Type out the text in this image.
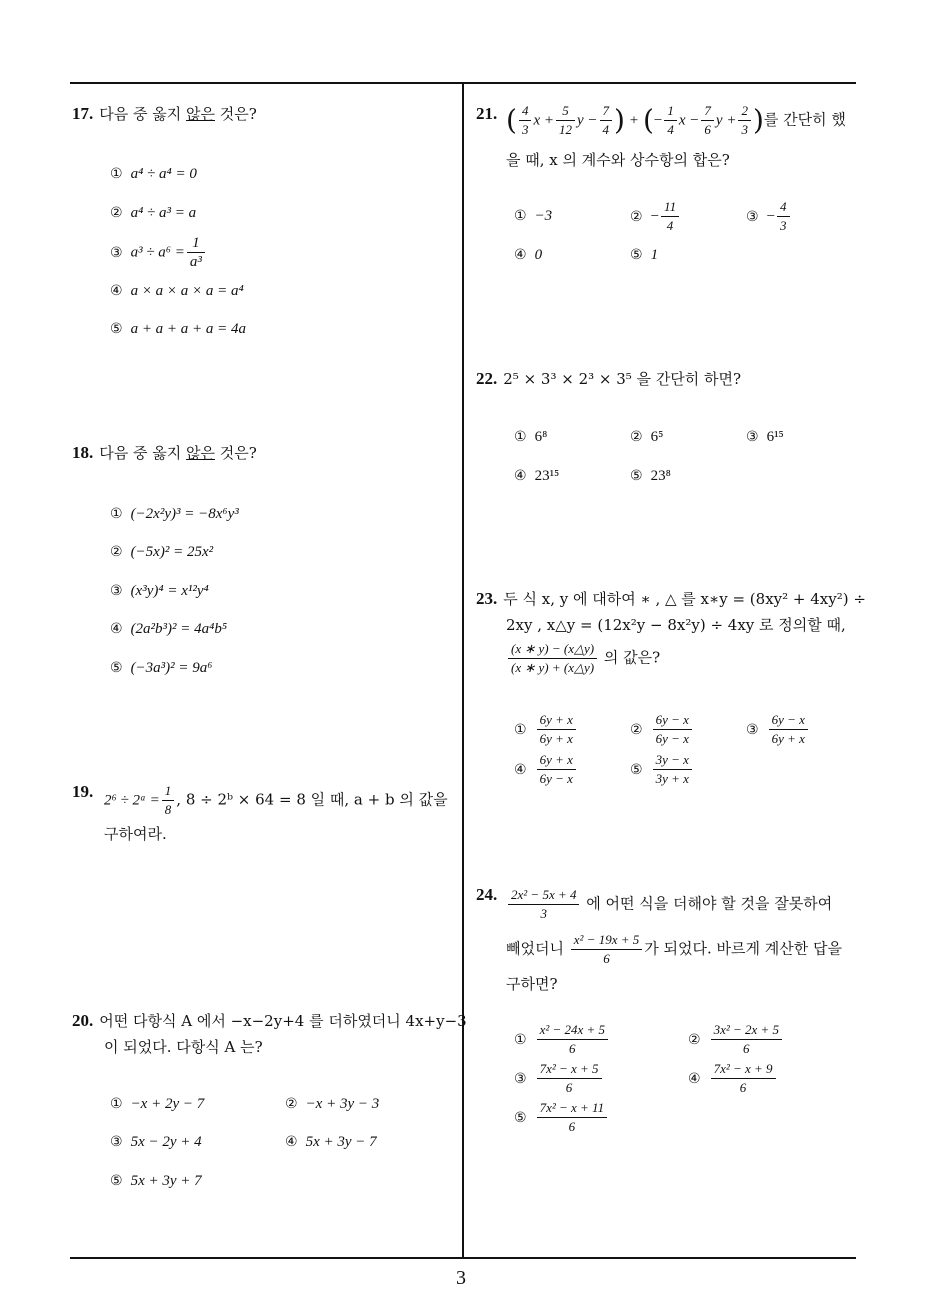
17. 다음 중 옳지 않은 것은?
① a⁴ ÷ a⁴ = 0
② a⁴ ÷ a³ = a
③ $a^3 \div a^6 = \frac{1}{\text{a³}}$
④ a × a × a × a = a⁴
⑤ a + a + a + a = 4a
18. 다음 중 옳지 않은 것은?
① (−2x²y)³ = −8x⁶y³
② (−5x)² = 25x²
③ (x³y)⁴ = x¹²y⁴
④ (2a²b³)² = 4a⁴b⁵
⑤ (−3a³)² = 9a⁶
19. 2⁶ ÷ 2ᵃ = $\frac{1}{8}$ , 8 ÷ 2ᵇ × 64 = 8 일 때, a + b 의 값을
구하여라.
20. 어떤 다항식 A 에서 −x−2y+4 를 더하였더니 4x+y−3
이 되었다. 다항식 A 는?
① −x + 2y − 7	② −x + 3y − 3
③ 5x − 2y + 4	④ 5x + 3y − 7
⑤ 5x + 3y + 7
21. ( $\frac{4}{3}$ $x + \frac{5}{12}$ $y - \frac{7}{4}$ ) + (− $\frac{1}{4}$ $x - \frac{7}{6}$ $y + \frac{2}{3}$ )를 간단히 했
을 때, x 의 계수와 상수항의 합은?
① −3	② − $\frac{11}{4}$	③ − $\frac{4}{3}$
④ 0	⑤ 1
22. 2⁵ × 3³ × 2³ × 3⁵ 을 간단히 하면?
① 6⁸	② 6⁵	③ 6¹⁵
④ 23¹⁵	⑤ 23⁸
23. 두 식 x, y 에 대하여 ∗ , △ 를 x∗y = (8xy² + 4xy²) ÷
2xy , x△y = (12x²y − 8x²y) ÷ 4xy 로 정의할 때,
$\frac{(x ∗ y) - (x\triangle y)}{(x ∗ y) + (x\triangle y)}$ 의 값은?
① $\frac{6y + x}{6y + x}$	② $\frac{6y - x}{6y - x}$	③ $\frac{6y - x}{6y + x}$
④ $\frac{6y + x}{6y - x}$	⑤ $\frac{3y - x}{3y + x}$
24. $\frac{\text{2x² − 5x + 4}}{3}$ 에 어떤 식을 더해야 할 것을 잘못하여
빼었더니 $\frac{\text{x² − 19x + 5}}{6}$ 가 되었다. 바르게 계산한 답을
구하면?
① $\frac{\text{x² − 24x + 5}}{6}$	② $\frac{\text{3x² − 2x + 5}}{6}$
③ $\frac{\text{7x² − x + 5}}{6}$	④ $\frac{\text{7x² − x + 9}}{6}$
⑤ $\frac{\text{7x² − x + 11}}{6}$
3
